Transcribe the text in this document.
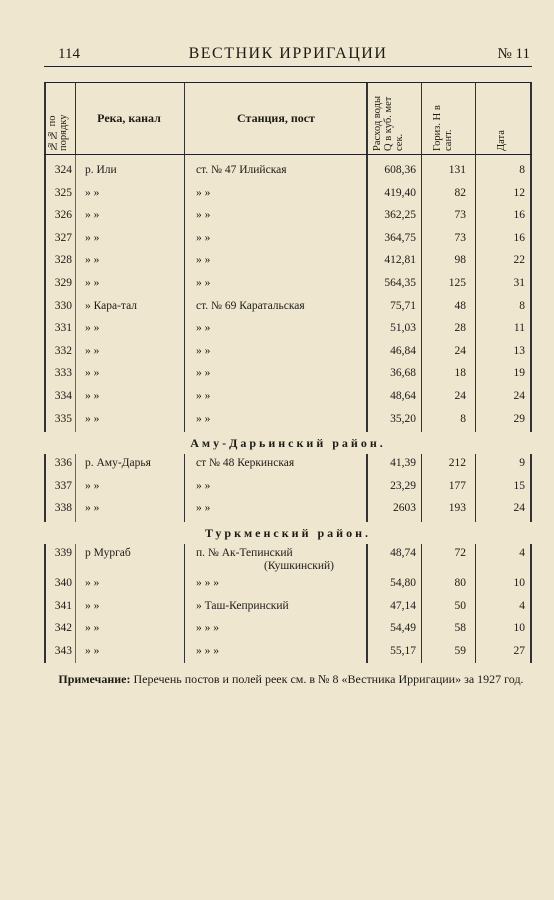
114	ВЕСТНИК ИРРИГАЦИИ	№ 11
№№ по порядку	Река, канал	Станция, пост	Расход воды Q в куб. мет сек.	Гориз. H в сант.	Дата
324 р. Или	ст. № 47 Илийская	608,36	131	8
325 » »	» »	419,40	82	12
326 » »	» »	362,25	73	16
327 » »	» »	364,75	73	16
328 » »	» »	412,81	98	22
329 » »	» »	564,35	125	31
330 » Кара-тал	ст. № 69 Каратальская	75,71	48	8
331 » »	» »	51,03	28	11
332 » »	» »	46,84	24	13
333 » »	» »	36,68	18	19
334 » »	» »	48,64	24	24
335 » »	» »	35,20	8	29
Аму-Дарьинский район.
336 р. Аму-Дарья	ст № 48 Керкинская	41,39	212	9
337 » »	» »	23,29	177	15
338 » »	» »	2603	193	24
Туркменский район.
339 р Мургаб	п. № Ак-Тепинский	48,74	72	4
(Кушкинский)
340 » »	» » »	54,80	80	10
341 » »	» Таш-Кепринский	47,14	50	4
342 » »	» » »	54,49	58	10
343 » »	» » »	55,17	59	27
Примечание: Перечень постов и полей реек см. в № 8 «Вестника Ирригации» за 1927 год.
